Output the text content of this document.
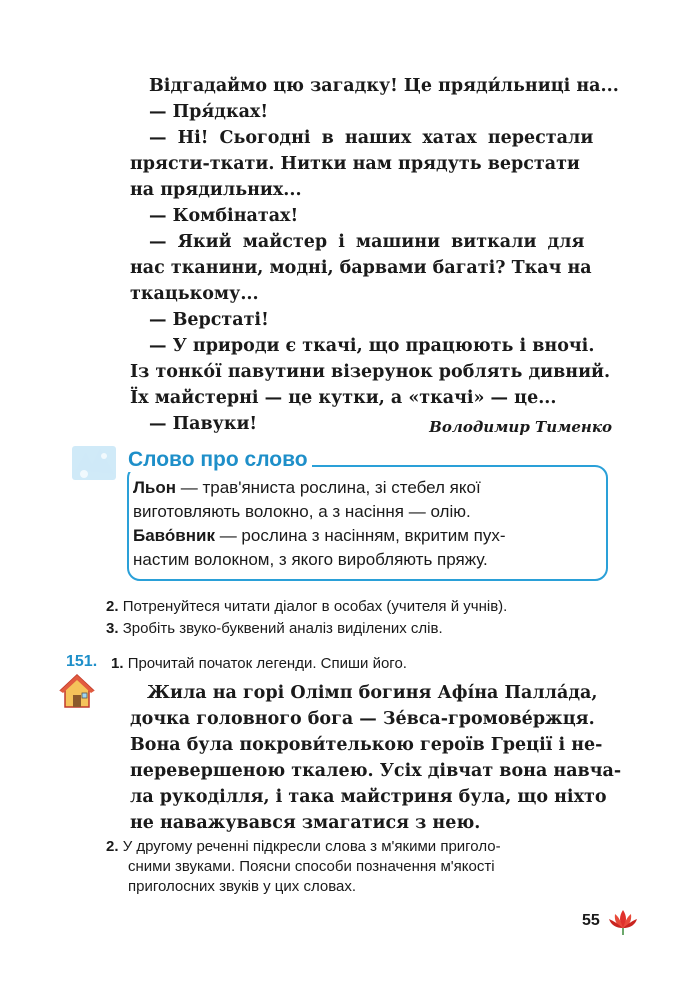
Відгадаймо цю загадку! Це пряди́льниці на...
— Пря́дках!
— Ні! Сьогодні в наших хатах перестали
прясти-ткати. Нитки нам прядуть верстати
на прядильних...
— Комбінатах!
— Який майстер і машини виткали для
нас тканини, модні, барвами багаті? Ткач на
ткацькому...
— Верстаті!
— У природи є ткачі, що працюють і вночі.
Із тонко́ї павутини візерунок роблять дивний.
Їх майстерні — це кутки, а «ткачі» — це...
— Павуки!	Володимир Тименко
Слово про слово
Льон — трав'яниста рослина, зі стебел якої
виготовляють волокно, а з насіння — олію.
Баво́вник — рослина з насінням, вкритим пух-
настим волокном, з якого виробляють пряжу.
2. Потренуйтеся читати діалог в особах (учителя й учнів).
3. Зробіть звуко-буквений аналіз виділених слів.
151. 1. Прочитай початок легенди. Спиши його.
Жила на горі Олімп богиня Афі́на Палла́да,
дочка головного бога — Зе́вса-громове́ржця.
Вона була покрови́телькою героїв Греції і не-
перевершеною ткалею. Усіх дівчат вона навча-
ла рукоділля, і така майстриня була, що ніхто
не наважувався змагатися з нею.
2. У другому реченні підкресли слова з м'якими приголо-
сними звуками. Поясни способи позначення м'якості
приголосних звуків у цих словах.
55
